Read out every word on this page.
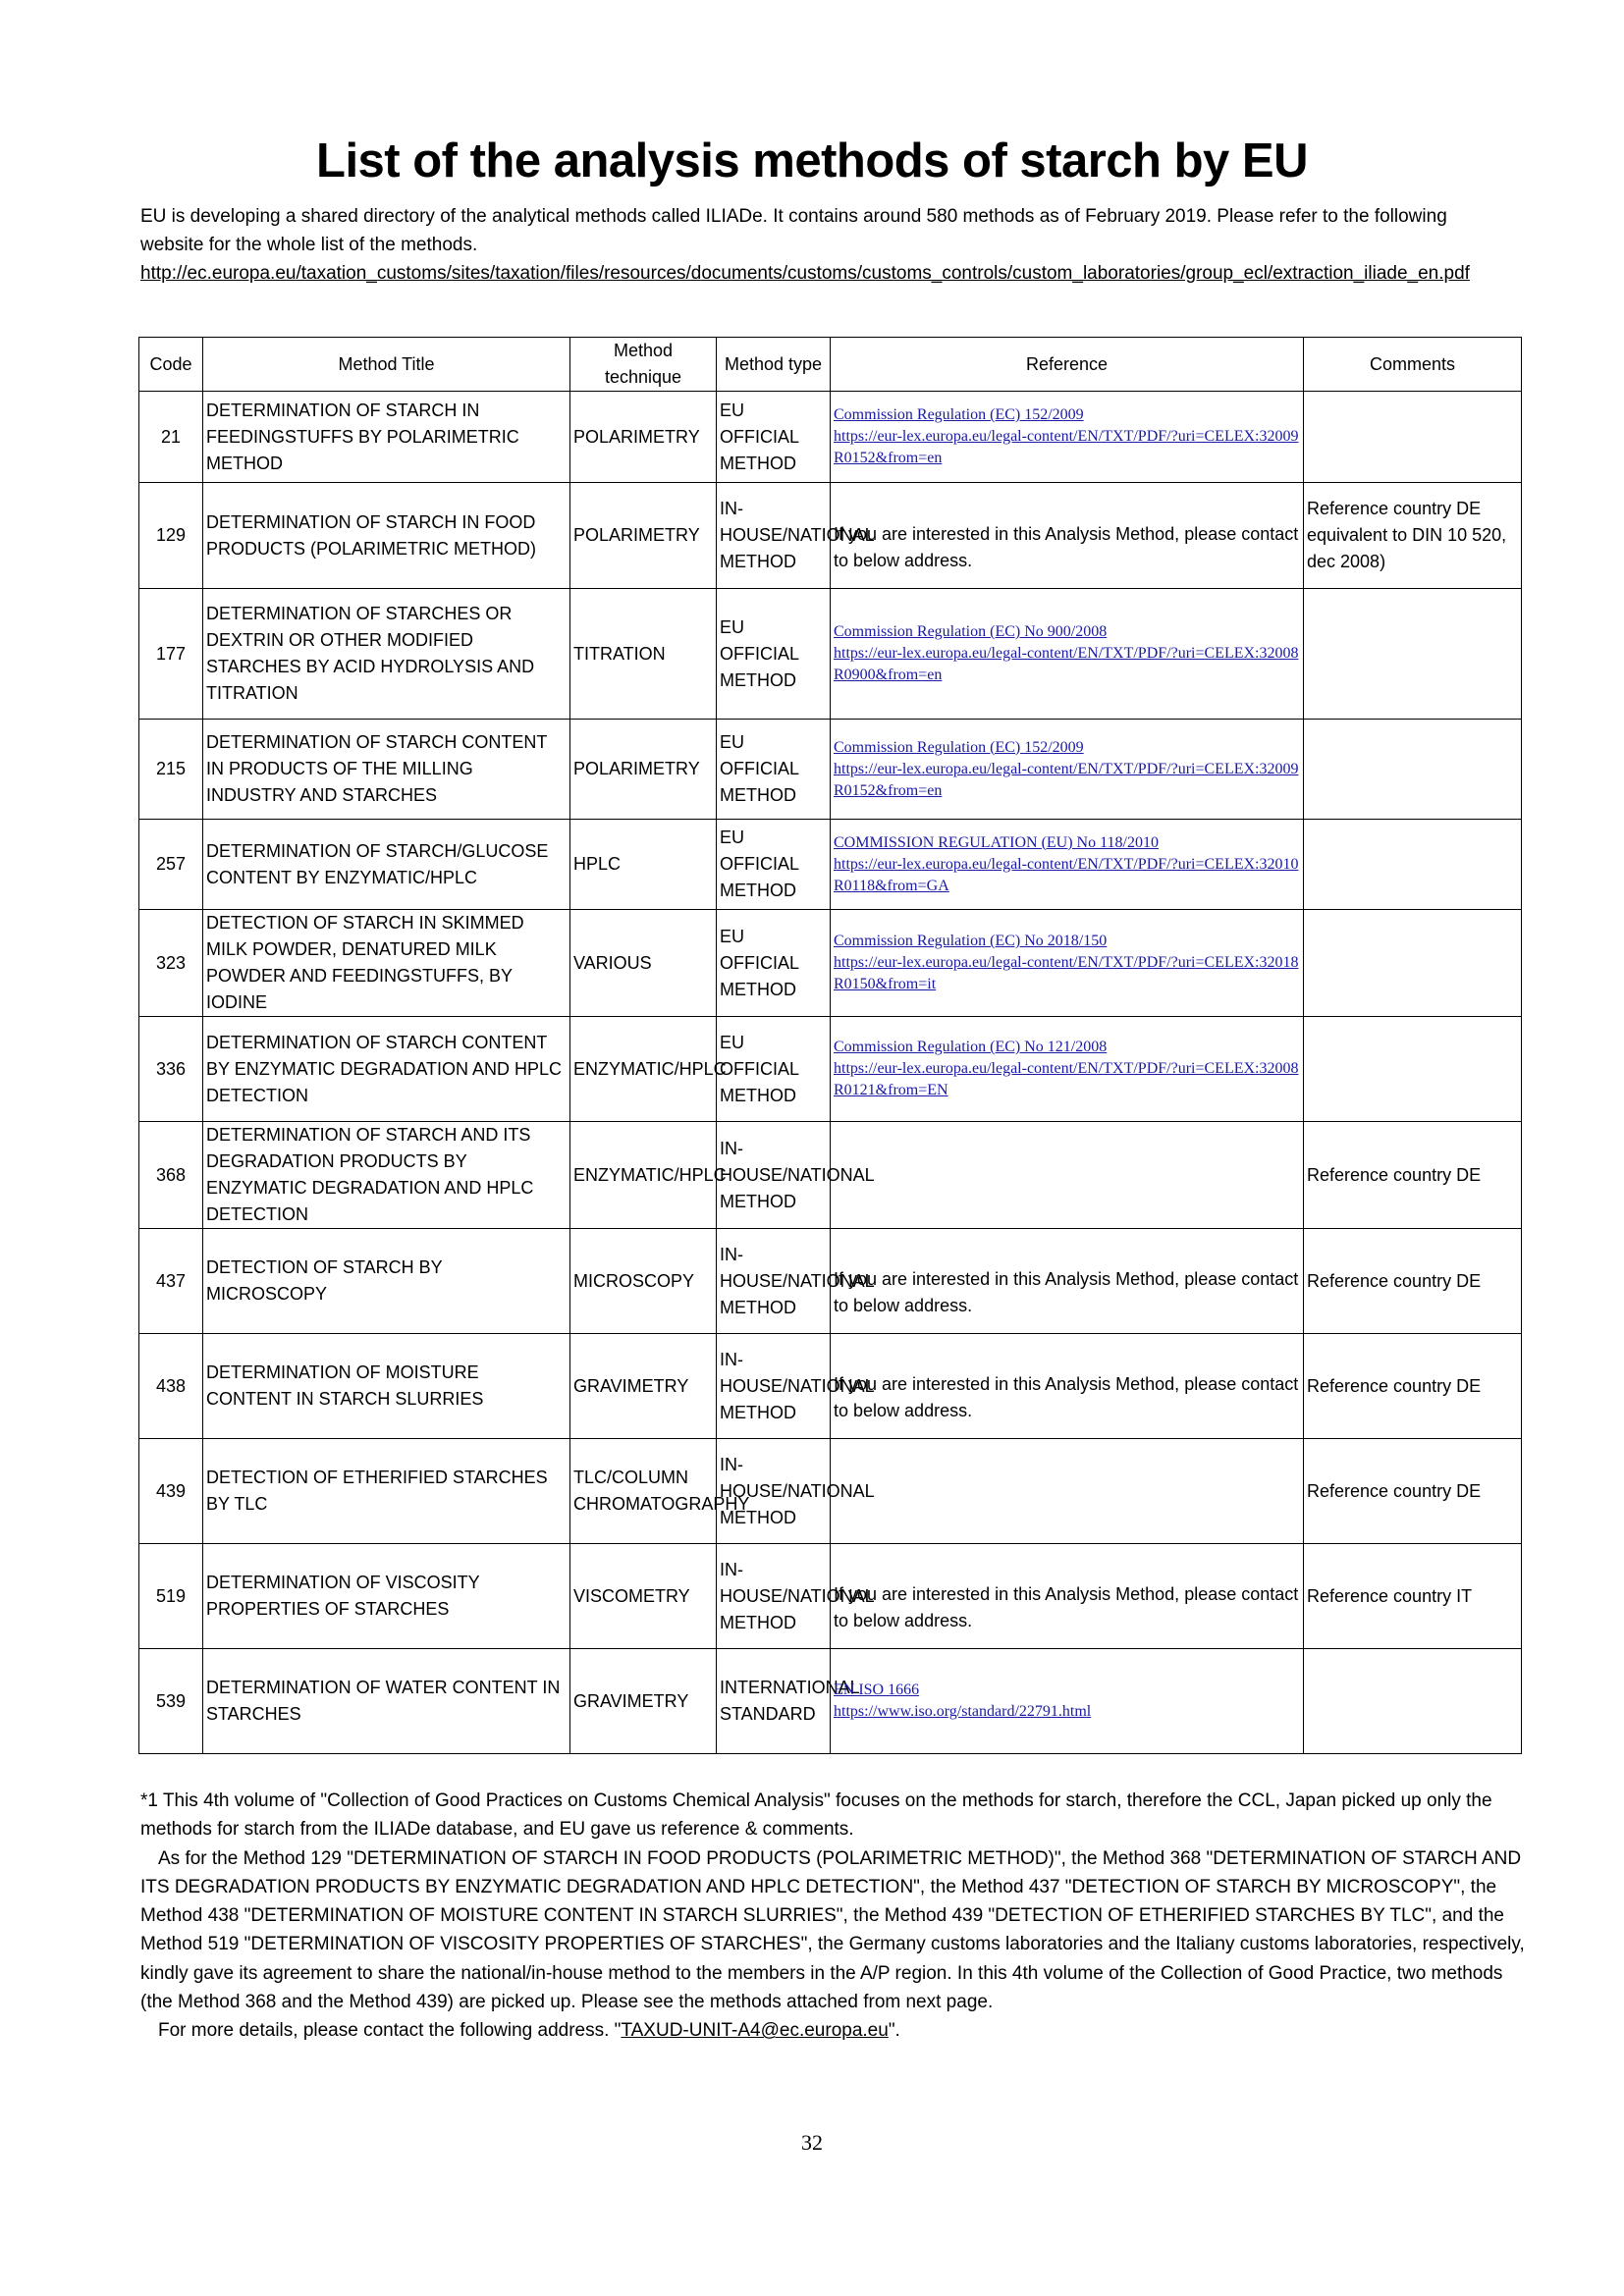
List of the analysis methods of starch by EU
EU is developing a shared directory of the analytical methods called ILIADe. It contains around 580 methods as of February 2019. Please refer to the following website for the whole list of the methods.
http://ec.europa.eu/taxation_customs/sites/taxation/files/resources/documents/customs/customs_controls/custom_laboratories/group_ecl/extraction_iliade_en.pdf
Code	Method Title	Method technique	Method type	Reference	Comments
21	DETERMINATION OF STARCH IN FEEDINGSTUFFS BY POLARIMETRIC METHOD	POLARIMETRY	EU OFFICIAL METHOD	Commission Regulation (EC) 152/2009
https://eur-lex.europa.eu/legal-content/EN/TXT/PDF/?uri=CELEX:32009R0152&from=en	

129	DETERMINATION OF STARCH IN FOOD PRODUCTS (POLARIMETRIC METHOD)	POLARIMETRY	IN-HOUSE/NATIONAL METHOD	If you are interested in this Analysis Method, please contact to below address.	Reference country DE equivalent to DIN 10 520, dec 2008)
177	DETERMINATION OF STARCHES OR DEXTRIN OR OTHER MODIFIED STARCHES BY ACID HYDROLYSIS AND TITRATION	TITRATION	EU OFFICIAL METHOD	Commission Regulation (EC) No 900/2008
https://eur-lex.europa.eu/legal-content/EN/TXT/PDF/?uri=CELEX:32008R0900&from=en	

215	DETERMINATION OF STARCH CONTENT IN PRODUCTS OF THE MILLING INDUSTRY AND STARCHES	POLARIMETRY	EU OFFICIAL METHOD	Commission Regulation (EC) 152/2009
https://eur-lex.europa.eu/legal-content/EN/TXT/PDF/?uri=CELEX:32009R0152&from=en	

257	DETERMINATION OF STARCH/GLUCOSE CONTENT BY ENZYMATIC/HPLC	HPLC	EU OFFICIAL METHOD	COMMISSION REGULATION (EU) No 118/2010
https://eur-lex.europa.eu/legal-content/EN/TXT/PDF/?uri=CELEX:32010R0118&from=GA	

323	DETECTION OF STARCH IN SKIMMED MILK POWDER, DENATURED MILK POWDER AND FEEDINGSTUFFS, BY IODINE	VARIOUS	EU OFFICIAL METHOD	Commission Regulation (EC) No 2018/150
https://eur-lex.europa.eu/legal-content/EN/TXT/PDF/?uri=CELEX:32018R0150&from=it	

336	DETERMINATION OF STARCH CONTENT BY ENZYMATIC DEGRADATION AND HPLC DETECTION	ENZYMATIC/HPLC	EU OFFICIAL METHOD	Commission Regulation (EC) No 121/2008
https://eur-lex.europa.eu/legal-content/EN/TXT/PDF/?uri=CELEX:32008R0121&from=EN	

368	DETERMINATION OF STARCH AND ITS DEGRADATION PRODUCTS BY ENZYMATIC DEGRADATION AND HPLC DETECTION	ENZYMATIC/HPLC	IN-HOUSE/NATIONAL METHOD		Reference country DE
437	DETECTION OF STARCH BY MICROSCOPY	MICROSCOPY	IN-HOUSE/NATIONAL METHOD	If you are interested in this Analysis Method, please contact to below address.	Reference country DE
438	DETERMINATION OF MOISTURE CONTENT IN STARCH SLURRIES	GRAVIMETRY	IN-HOUSE/NATIONAL METHOD	If you are interested in this Analysis Method, please contact to below address.	Reference country DE
439	DETECTION OF ETHERIFIED STARCHES BY TLC	TLC/COLUMN CHROMATOGRAPHY	IN-HOUSE/NATIONAL METHOD		Reference country DE
519	DETERMINATION OF VISCOSITY PROPERTIES OF STARCHES	VISCOMETRY	IN-HOUSE/NATIONAL METHOD	If you are interested in this Analysis Method, please contact to below address.	Reference country IT
539	DETERMINATION OF WATER CONTENT IN STARCHES	GRAVIMETRY	INTERNATIONAL STANDARD	EN ISO 1666
https://www.iso.org/standard/22791.html	

*1 This 4th volume of "Collection of Good Practices on Customs Chemical Analysis" focuses on the methods for starch, therefore the CCL, Japan picked up only the methods for starch from the ILIADe database, and EU gave us reference & comments.

As for the Method 129 "DETERMINATION OF STARCH IN FOOD PRODUCTS (POLARIMETRIC METHOD)", the Method 368 "DETERMINATION OF STARCH AND ITS DEGRADATION PRODUCTS BY ENZYMATIC DEGRADATION AND HPLC DETECTION", the Method 437 "DETECTION OF STARCH BY MICROSCOPY", the Method 438 "DETERMINATION OF MOISTURE CONTENT IN STARCH SLURRIES", the Method 439 "DETECTION OF ETHERIFIED STARCHES BY TLC", and the Method 519 "DETERMINATION OF VISCOSITY PROPERTIES OF STARCHES", the Germany customs laboratories and the Italiany customs laboratories, respectively, kindly gave its agreement to share the national/in-house method to the members in the A/P region. In this 4th volume of the Collection of Good Practice, two methods (the Method 368 and the Method 439) are picked up. Please see the methods attached from next page.

For more details, please contact the following address. "TAXUD-UNIT-A4@ec.europa.eu".

32
